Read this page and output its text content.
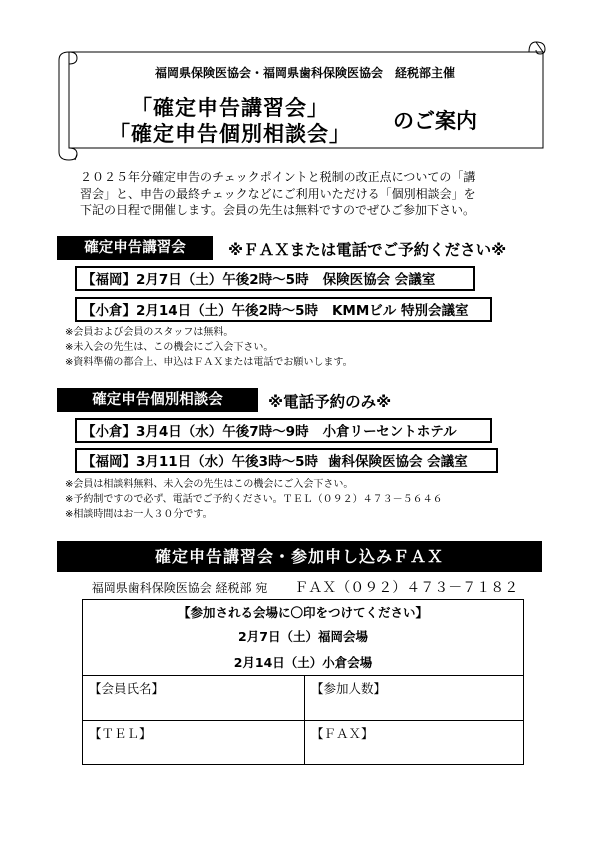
福岡県保険医協会・福岡県歯科保険医協会　経税部主催
「確定申告講習会」
「確定申告個別相談会」
のご案内
２０２５年分確定申告のチェックポイントと税制の改正点についての「講
習会」と、申告の最終チェックなどにご利用いただける「個別相談会」を
下記の日程で開催します。会員の先生は無料ですのでぜひご参加下さい。
確定申告講習会	※ＦＡＸまたは電話でご予約ください※
【福岡】2月7日（土）午後2時～5時 保険医協会 会議室
【小倉】2月14日（土）午後2時～5時 KMMビル 特別会議室
※会員および会員のスタッフは無料。
※未入会の先生は、この機会にご入会下さい。
※資料準備の都合上、申込はＦＡＸまたは電話でお願いします。
確定申告個別相談会	※電話予約のみ※
【小倉】3月4日（水）午後7時～9時 小倉リーセントホテル
【福岡】3月11日（水）午後3時～5時 歯科保険医協会 会議室
※会員は相談料無料、未入会の先生はこの機会にご入会下さい。
※予約制ですので必ず、電話でご予約ください。ＴＥＬ（０９２）４７３－５６４６
※相談時間はお一人３０分です。
確定申告講習会・参加申し込みＦＡＸ
福岡県歯科保険医協会 経税部 宛 ＦＡＸ（０９２）４７３－７１８２
【参加される会場に〇印をつけてください】
2月7日（土）福岡会場
2月14日（土）小倉会場
【会員氏名】	【参加人数】
【ＴＥＬ】	【ＦＡＸ】
